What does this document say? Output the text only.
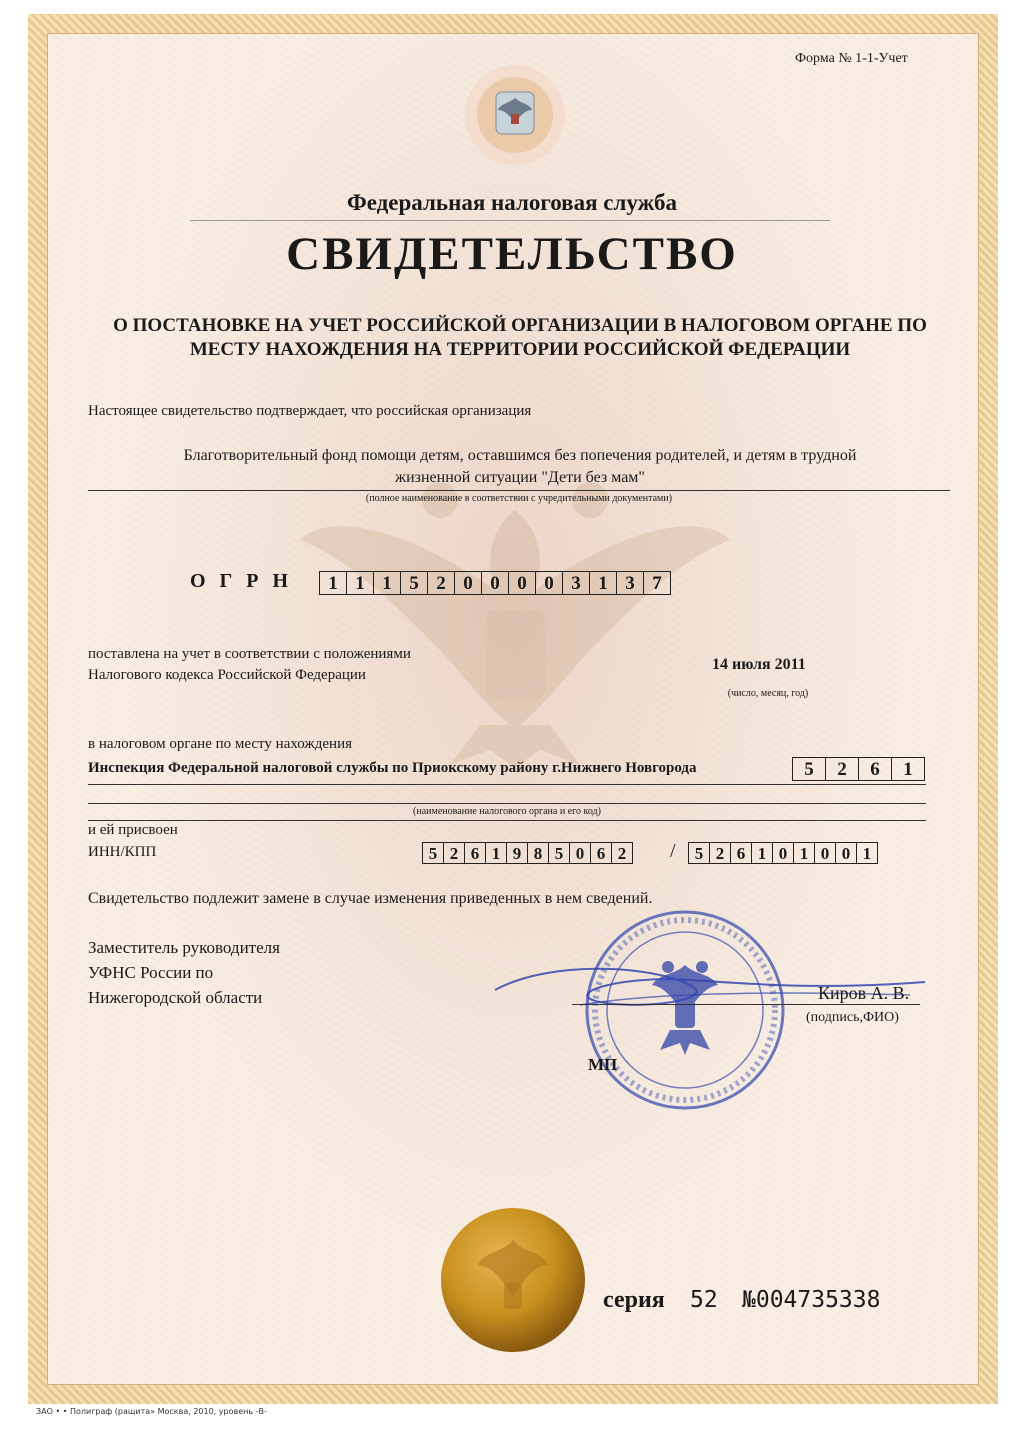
Форма № 1-1-Учет
Федеральная налоговая служба
СВИДЕТЕЛЬСТВО
О ПОСТАНОВКЕ НА УЧЕТ РОССИЙСКОЙ ОРГАНИЗАЦИИ В НАЛОГОВОМ ОРГАНЕ ПО МЕСТУ НАХОЖДЕНИЯ НА ТЕРРИТОРИИ РОССИЙСКОЙ ФЕДЕРАЦИИ
Настоящее свидетельство подтверждает, что российская организация
Благотворительный фонд помощи детям, оставшимся без попечения родителей, и детям в трудной
жизненной ситуации "Дети без мам"
(полное наименование в соответствии с учредительными документами)
ОГРН	1 1 1 5 2 0 0 0 0 3 1 3 7
поставлена на учет в соответствии с положениями
Налогового кодекса Российской Федерации
14 июля 2011
(число, месяц, год)
в налоговом органе по месту нахождения
Инспекция Федеральной налоговой службы по Приокскому району г.Нижнего Новгорода	5	2	6	1
(наименование налогового органа и его код)
и ей присвоен
ИНН/КПП	5 2 6 1 9 8 5 0 6 2	/	5 2 6 1 0 1 0 0 1
Свидетельство подлежит замене в случае изменения приведенных в нем сведений.
Заместитель руководителя
УФНС России по
Нижегородской области	Киров А. В.
(подпись,ФИО)
МП
серия 52 №004735338
ЗАО • • Полиграф (рaщита» Москва, 2010, уровень -В-
